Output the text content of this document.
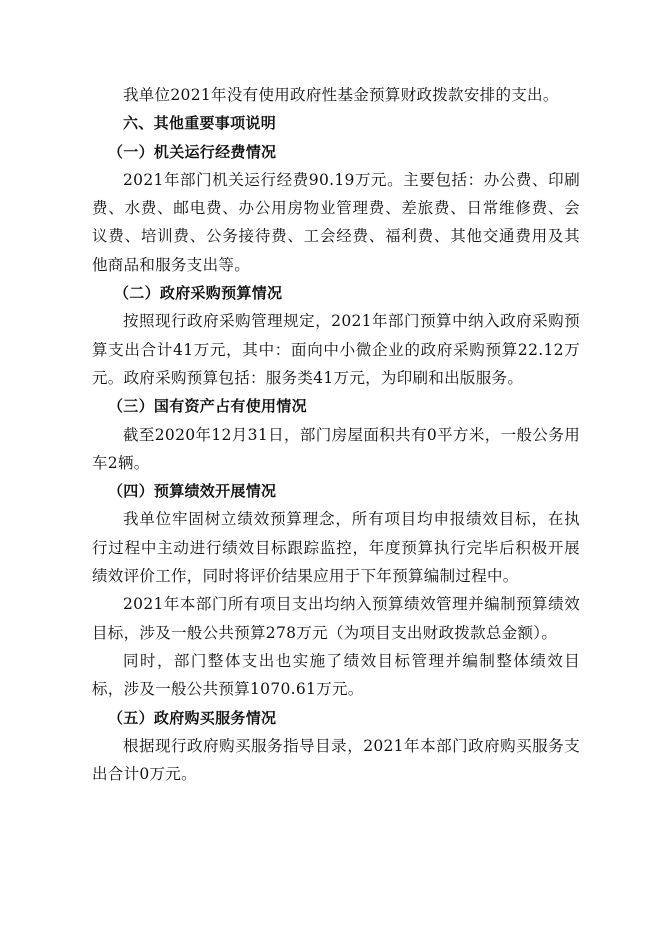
我单位2021年没有使用政府性基金预算财政拨款安排的支出。

六、其他重要事项说明

（一）机关运行经费情况

2021年部门机关运行经费90.19万元。主要包括：办公费、印刷费、水费、邮电费、办公用房物业管理费、差旅费、日常维修费、会议费、培训费、公务接待费、工会经费、福利费、其他交通费用及其他商品和服务支出等。

（二）政府采购预算情况

按照现行政府采购管理规定，2021年部门预算中纳入政府采购预算支出合计41万元，其中：面向中小微企业的政府采购预算22.12万元。政府采购预算包括：服务类41万元，为印刷和出版服务。

（三）国有资产占有使用情况

截至2020年12月31日，部门房屋面积共有0平方米，一般公务用车2辆。

（四）预算绩效开展情况

我单位牢固树立绩效预算理念，所有项目均申报绩效目标，在执行过程中主动进行绩效目标跟踪监控，年度预算执行完毕后积极开展绩效评价工作，同时将评价结果应用于下年预算编制过程中。

2021年本部门所有项目支出均纳入预算绩效管理并编制预算绩效目标，涉及一般公共预算278万元（为项目支出财政拨款总金额）。

同时，部门整体支出也实施了绩效目标管理并编制整体绩效目标，涉及一般公共预算1070.61万元。

（五）政府购买服务情况

根据现行政府购买服务指导目录，2021年本部门政府购买服务支出合计0万元。
